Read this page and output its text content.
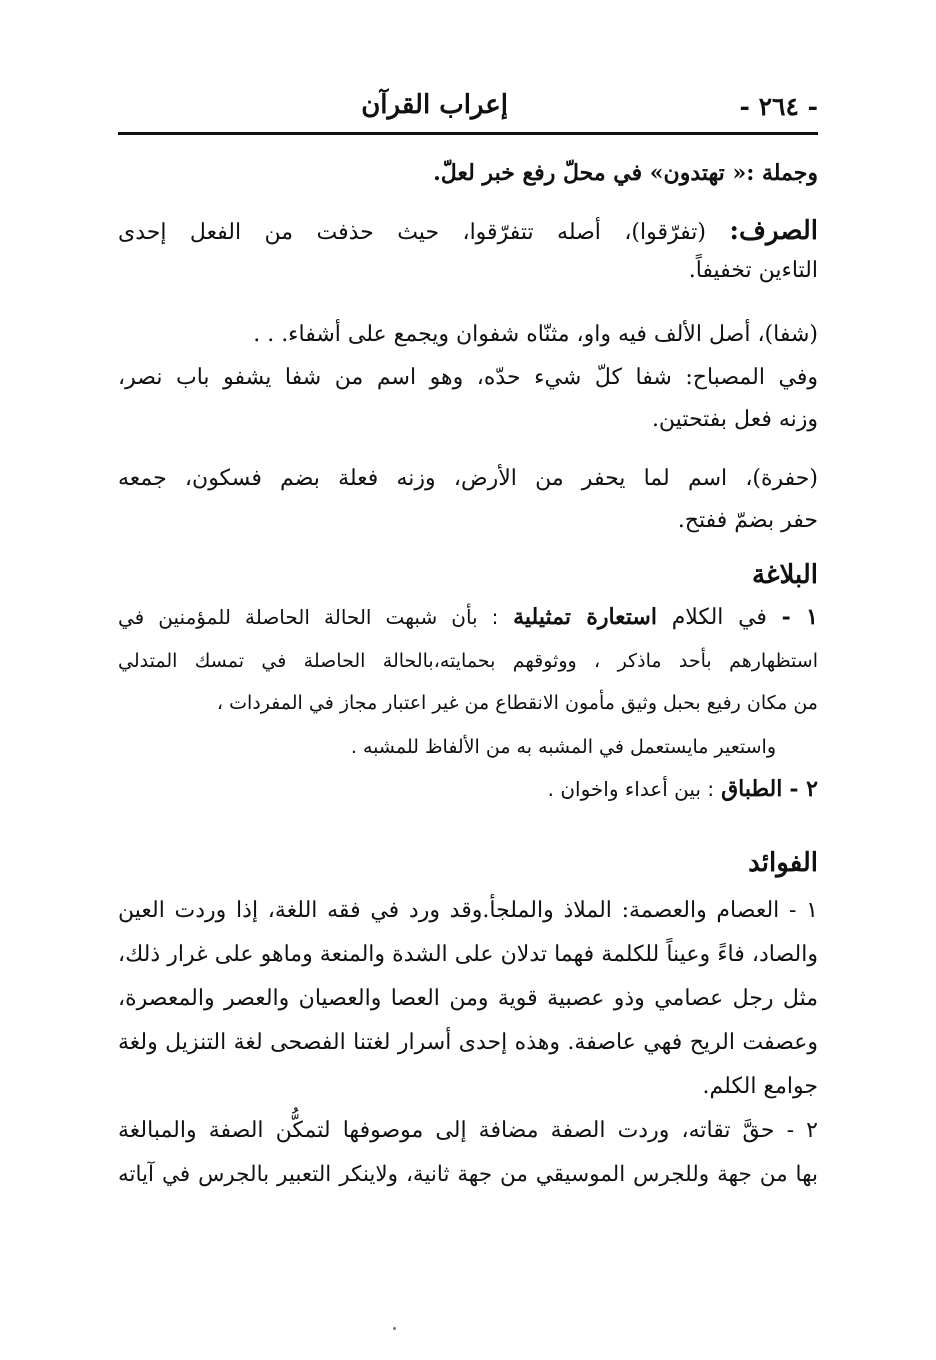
- ٢٦٤ -
إعراب القرآن
وجملة :« تهتدون» في محلّ رفع خبر لعلّ.
الصرف: (تفرّقوا)، أصله تتفرّقوا، حيث حذفت من الفعل إحدى
التاءين تخفيفاً.
(شفا)، أصل الألف فيه واو، مثنّاه شفوان ويجمع على أشفاء. . .
وفي المصباح: شفا كلّ شيء حدّه، وهو اسم من شفا يشفو باب نصر،
وزنه فعل بفتحتين.
(حفرة)، اسم لما يحفر من الأرض، وزنه فعلة بضم فسكون، جمعه
حفر بضمّ ففتح.
البلاغة
١ - في الكلام استعارة تمثيلية : بأن شبهت الحالة الحاصلة للمؤمنين في
استظهارهم بأحد ماذكر ، ووثوقهم بحمايته،بالحالة الحاصلة في تمسك المتدلي
من مكان رفيع بحبل وثيق مأمون الانقطاع من غير اعتبار مجاز في المفردات ،
واستعير مايستعمل في المشبه به من الألفاظ للمشبه .
٢ - الطباق : بين أعداء واخوان .
الفوائد
١ - العصام والعصمة: الملاذ والملجأ.وقد ورد في فقه اللغة، إذا وردت العين
والصاد، فاءً وعيناً للكلمة فهما تدلان على الشدة والمنعة وماهو على غرار ذلك،
مثل رجل عصامي وذو عصبية قوية ومن العصا والعصيان والعصر والمعصرة،
وعصفت الريح فهي عاصفة. وهذه إحدى أسرار لغتنا الفصحى لغة التنزيل ولغة
جوامع الكلم.
٢ - حقَّ تقاته، وردت الصفة مضافة إلى موصوفها لتمكُّن الصفة والمبالغة
بها من جهة وللجرس الموسيقي من جهة ثانية، ولاينكر التعبير بالجرس في آياته
